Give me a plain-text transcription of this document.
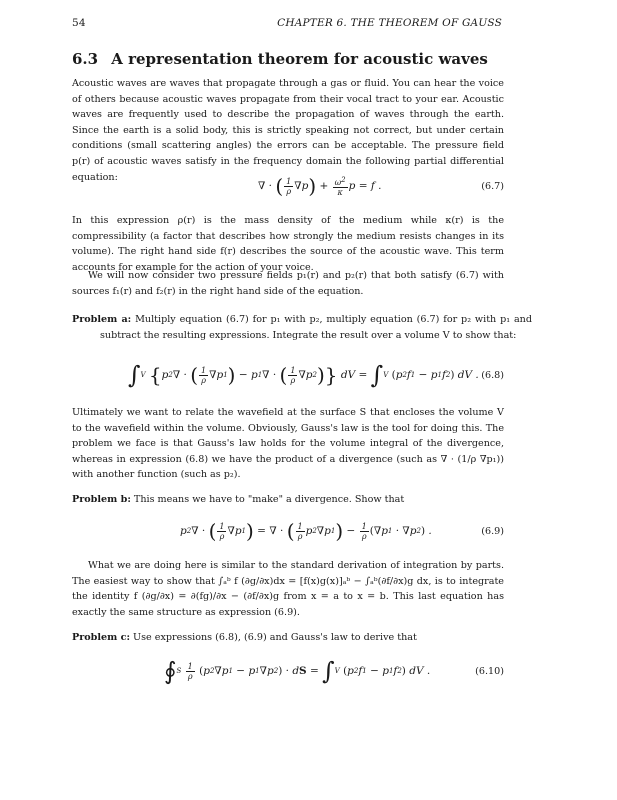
54	CHAPTER 6. THE THEOREM OF GAUSS
6.3 A representation theorem for acoustic waves
Acoustic waves are waves that propagate through a gas or fluid. You can hear the voice of others because acoustic waves propagate from their vocal tract to your ear. Acoustic waves are frequently used to describe the propagation of waves through the earth. Since the earth is a solid body, this is strictly speaking not correct, but under certain conditions (small scattering angles) the errors can be acceptable. The pressure field p(r) of acoustic waves satisfy in the frequency domain the following partial differential equation:
∇ ·
( $\frac{1}{\rho}$ ∇ p ) + $\frac{\omega 2}{\kappa}$ p = f .	(6.7)
In this expression ρ(r) is the mass density of the medium while κ(r) is the compressibility (a factor that describes how strongly the medium resists changes in its volume). The right hand side f(r) describes the source of the acoustic wave. This term accounts for example for the action of your voice.
We will now consider two pressure fields p₁(r) and p₂(r) that both satisfy (6.7) with sources f₁(r) and f₂(r) in the right hand side of the equation.
Problem a: Multiply equation (6.7) for p₁ with p₂, multiply equation (6.7) for p₂ with p₁ and subtract the resulting expressions. Integrate the result over a volume V to show that:
∫ V
{ p 2 ∇ ·
( $\frac{1}{\rho}$ ∇ p 1 )
− p 1 ∇ ·
( $\frac{1}{\rho}$ ∇ p 2 ) } dV =
∫ V
( p 2 f 1
− p 1 f 2 ) dV . (6.8)
Ultimately we want to relate the wavefield at the surface S that encloses the volume V to the wavefield within the volume. Obviously, Gauss's law is the tool for doing this. The problem we face is that Gauss's law holds for the volume integral of the divergence, whereas in expression (6.8) we have the product of a divergence (such as ∇ · (1/ρ ∇p₁)) with another function (such as p₂).
Problem b: This means we have to "make" a divergence. Show that
p 2 ∇ ·
( $\frac{1}{\rho}$ ∇ p 1 )
=
∇ ·
( $\frac{1}{\rho}$ p 2 ∇ p 1 )
−
$\frac{1}{\rho}$ (∇ p 1
· ∇ p 2 ) .	(6.9)
What we are doing here is similar to the standard derivation of integration by parts. The easiest way to show that ∫ₐᵇ f (∂g/∂x)dx = [f(x)g(x)]ₐᵇ − ∫ₐᵇ(∂f/∂x)g dx, is to integrate the identity f (∂g/∂x) = ∂(fg)/∂x − (∂f/∂x)g from x = a to x = b. This last equation has exactly the same structure as expression (6.9).
Problem c: Use expressions (6.8), (6.9) and Gauss's law to derive that
∮ S
$\frac{1}{\rho}$
( p 2 ∇ p 1
− p 1 ∇ p 2 )
· d S
=
∫ V
( p 2 f 1
− p 1 f 2 ) dV .	(6.10)
